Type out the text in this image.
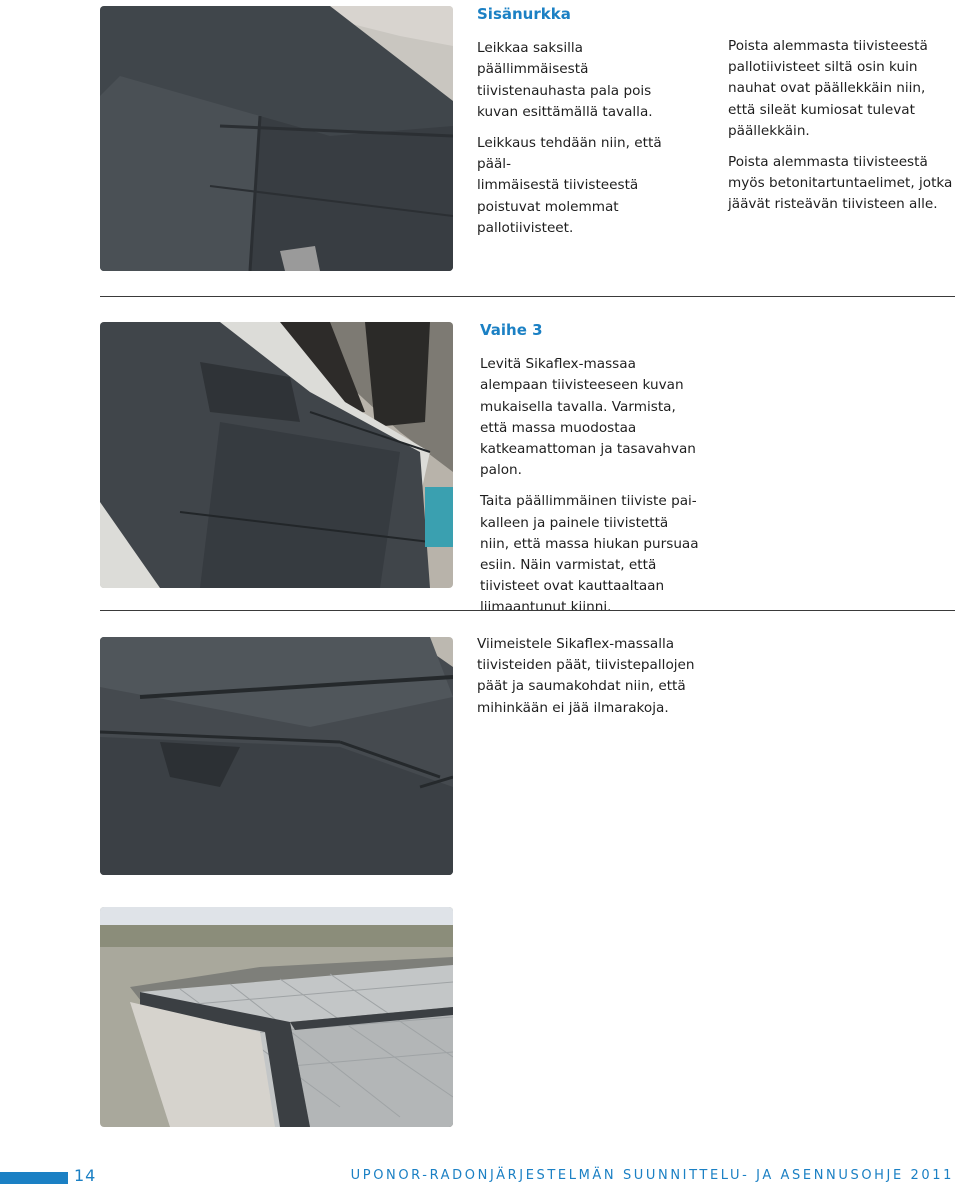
Sisänurkka

Leikkaa saksilla päällimmäisestä tiivistenauhasta pala pois kuvan esittämällä tavalla.

Leikkaus tehdään niin, että pääl-
limmäisestä tiivisteestä poistuvat molemmat pallotiivisteet.

Poista alemmasta tiivisteestä pallotiivisteet siltä osin kuin nauhat ovat päällekkäin niin, että sileät kumiosat tulevat päällekkäin.

Poista alemmasta tiivisteestä myös betonitartuntaelimet, jotka jäävät risteävän tiivisteen alle.

Vaihe 3

Levitä Sikaflex-massaa alempaan tiivisteeseen kuvan mukaisella tavalla. Varmista, että massa muodostaa katkeamattoman ja tasavahvan palon.

Taita päällimmäinen tiiviste pai-
kalleen ja painele tiivistettä niin, että massa hiukan pursuaa esiin. Näin varmistat, että tiivisteet ovat kauttaaltaan liimaantunut kiinni.

Viimeistele Sikaflex-massalla tiivisteiden päät, tiivistepallojen päät ja saumakohdat niin, että mihinkään ei jää ilmarakoja.

14	UPONOR-RADONJÄRJESTELMÄN SUUNNITTELU- JA ASENNUSOHJE 2011
